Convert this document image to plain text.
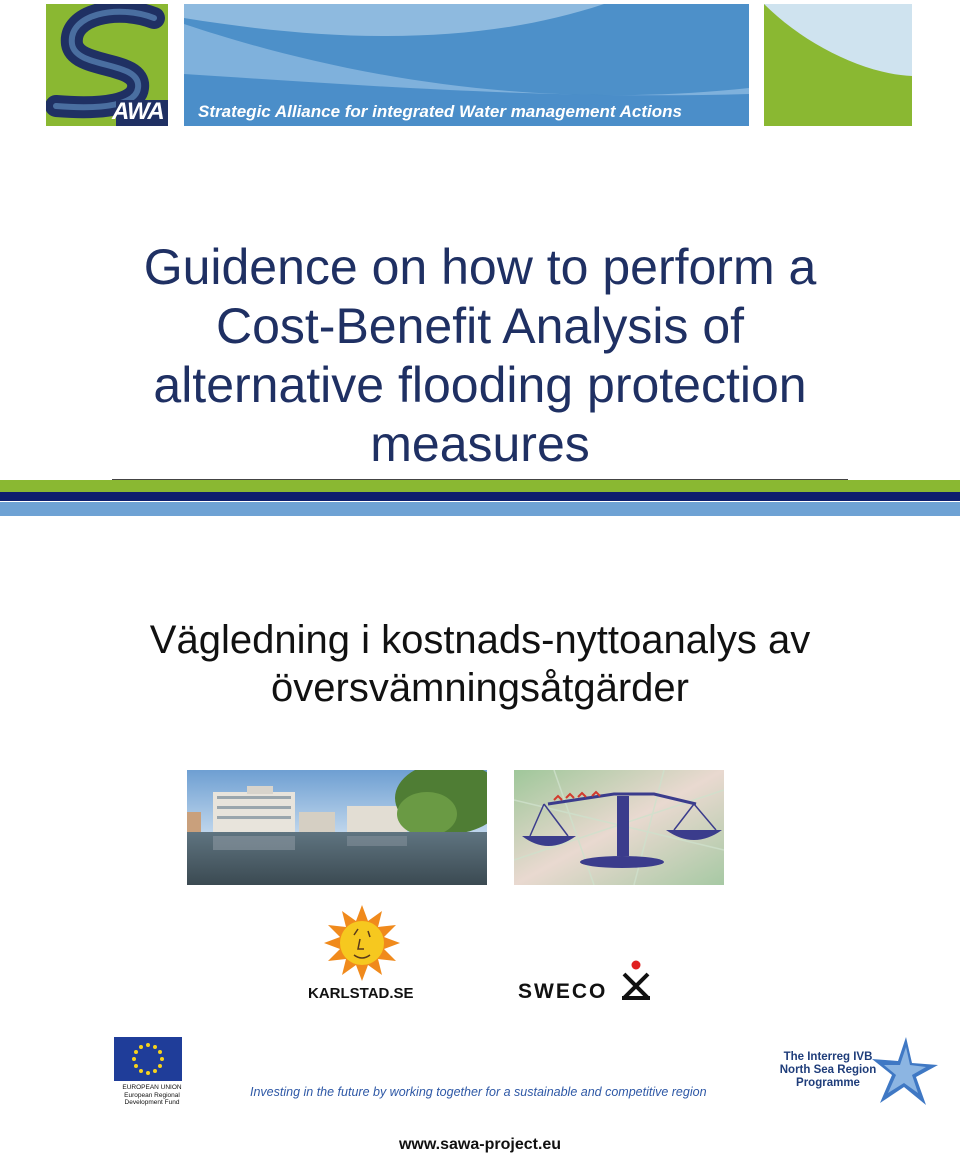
AWA Strategic Alliance for integrated Water management Actions
Guidence on how to perform a
Cost-Benefit Analysis of
alternative flooding protection
measures
Vägledning i kostnads-nyttoanalys av
översvämningsåtgärder
KARLSTAD.SE	SWECO
EUROPEAN UNION
European Regional
Development Fund
Investing in the future by working together for a sustainable and competitive region
The Interreg IVB
North Sea Region
Programme
www.sawa-project.eu
